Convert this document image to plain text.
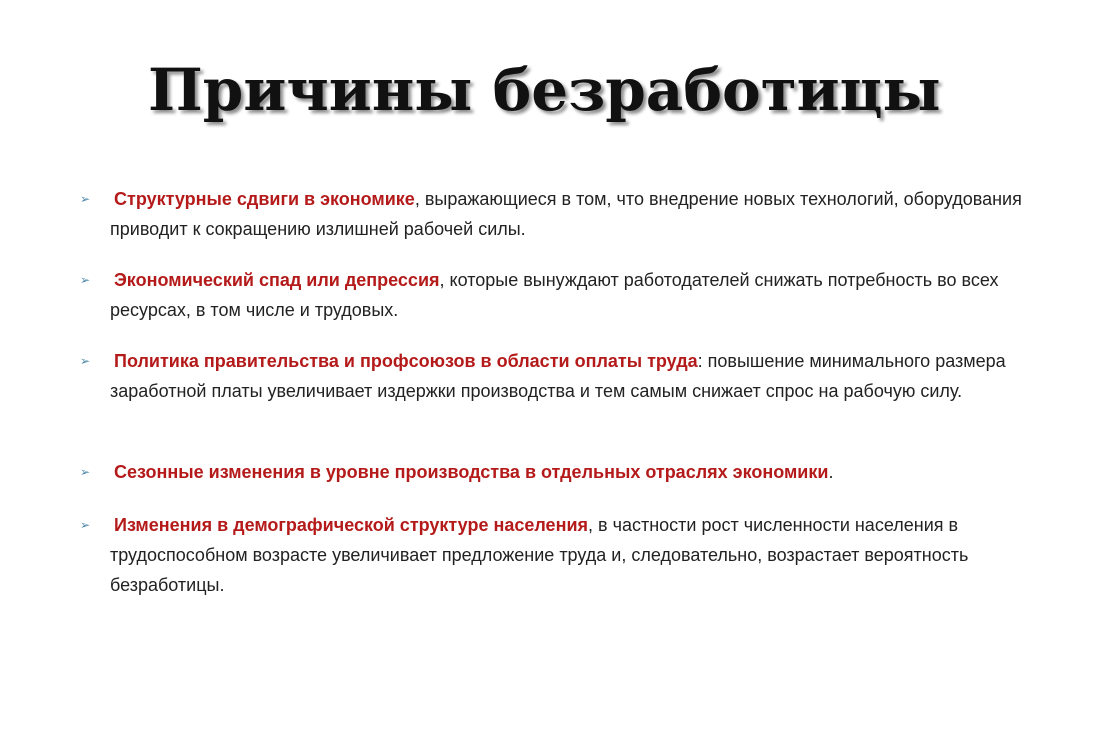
Причины безработицы
➢	Структурные сдвиги в экономике, выражающиеся в том, что внедрение новых технологий, оборудования приводит к сокращению излишней рабочей силы.
➢	Экономический спад или депрессия, которые вынуждают работодателей снижать потребность во всех ресурсах, в том числе и трудовых.
➢	Политика правительства и профсоюзов в области оплаты труда: повышение минимального размера заработной платы увеличивает издержки производства и тем самым снижает спрос на рабочую силу.
➢	Сезонные изменения в уровне производства в отдельных отраслях экономики.
➢	Изменения в демографической структуре населения, в частности рост численности населения в трудоспособном возрасте увеличивает предложение труда и, следовательно, возрастает вероятность безработицы.
